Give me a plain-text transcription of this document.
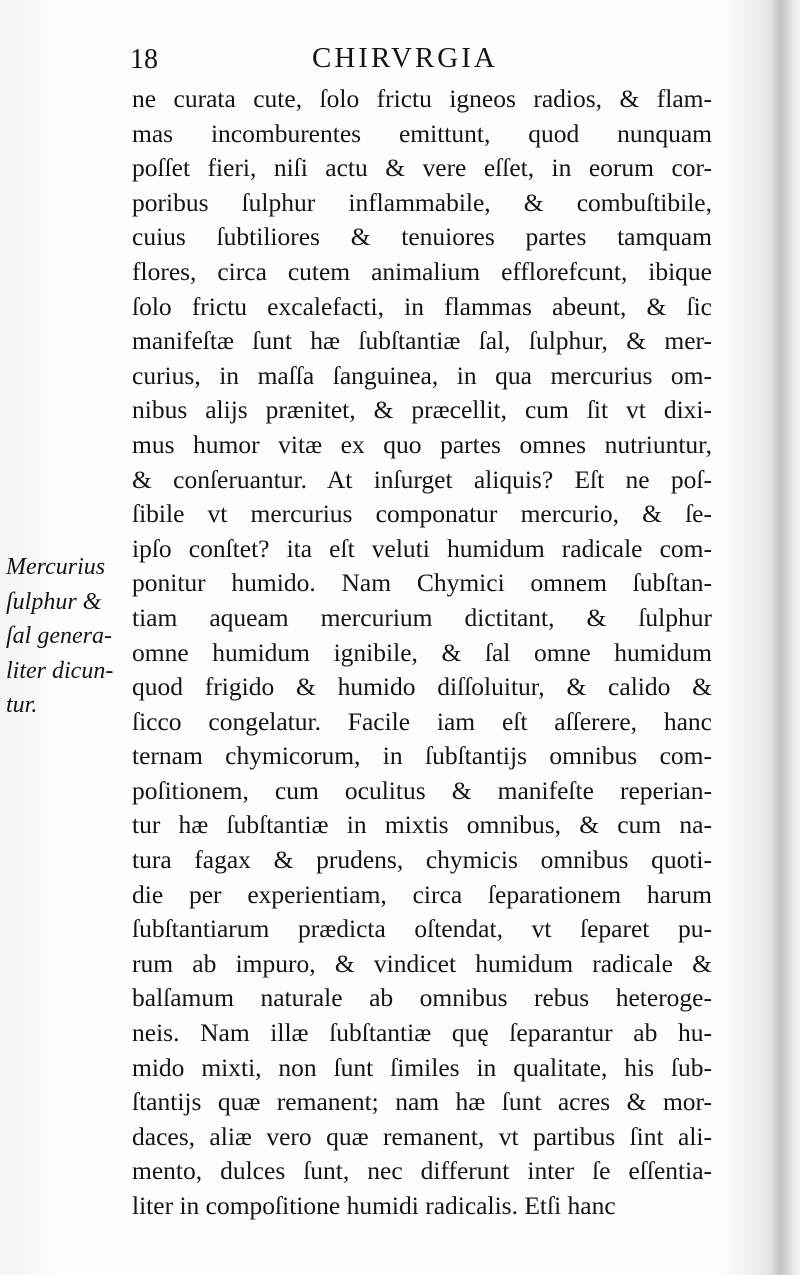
18	CHIRVRGIA
Mercurius
ſulphur &
ſal genera-
liter dicun-
tur.
ne curata cute, ſolo frictu igneos radios, & flam-
mas incomburentes emittunt, quod nunquam
poſſet fieri, niſi actu & vere eſſet, in eorum cor-
poribus ſulphur inflammabile, & combuſtibile,
cuius ſubtiliores & tenuiores partes tamquam
flores, circa cutem animalium efflorefcunt, ibique
ſolo frictu excalefacti, in flammas abeunt, & ſic
manifeſtæ ſunt hæ ſubſtantiæ ſal, ſulphur, & mer-
curius, in maſſa ſanguinea, in qua mercurius om-
nibus alijs prænitet, & præcellit, cum ſit vt dixi-
mus humor vitæ ex quo partes omnes nutriuntur,
& conſeruantur. At inſurget aliquis? Eſt ne poſ-
ſibile vt mercurius componatur mercurio, & ſe-
ipſo conſtet? ita eſt veluti humidum radicale com-
ponitur humido. Nam Chymici omnem ſubſtan-
tiam aqueam mercurium dictitant, & ſulphur
omne humidum ignibile, & ſal omne humidum
quod frigido & humido diſſoluitur, & calido &
ſicco congelatur. Facile iam eſt aſſerere, hanc
ternam chymicorum, in ſubſtantijs omnibus com-
poſitionem, cum oculitus & manifeſte reperian-
tur hæ ſubſtantiæ in mixtis omnibus, & cum na-
tura fagax & prudens, chymicis omnibus quoti-
die per experientiam, circa ſeparationem harum
ſubſtantiarum prædicta oſtendat, vt ſeparet pu-
rum ab impuro, & vindicet humidum radicale &
balſamum naturale ab omnibus rebus heteroge-
neis. Nam illæ ſubſtantiæ quę ſeparantur ab hu-
mido mixti, non ſunt ſimiles in qualitate, his ſub-
ſtantijs quæ remanent; nam hæ ſunt acres & mor-
daces, aliæ vero quæ remanent, vt partibus ſint ali-
mento, dulces ſunt, nec differunt inter ſe eſſentia-
liter in compoſitione humidi radicalis. Etſi hanc
